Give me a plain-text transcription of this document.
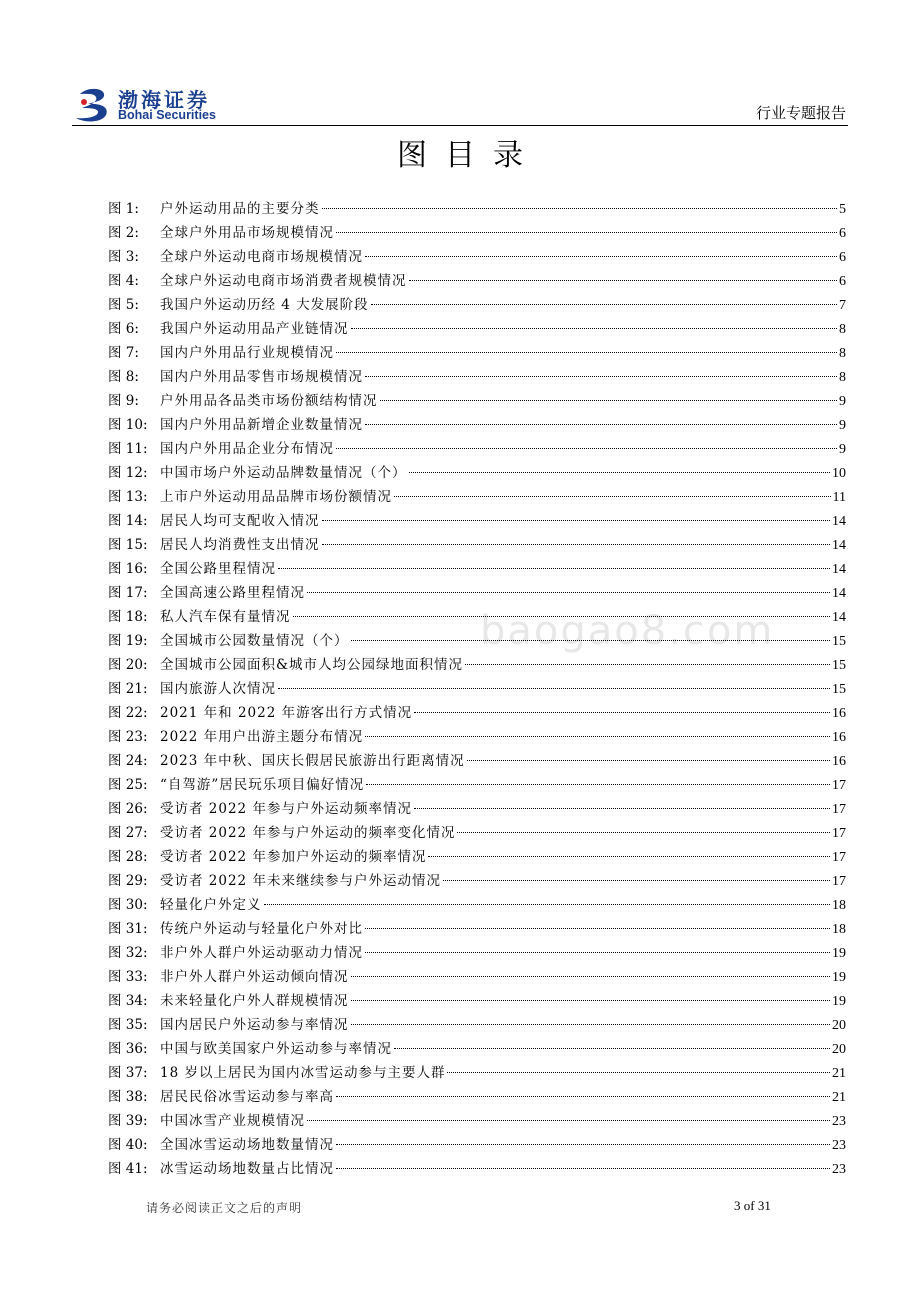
渤海证券
Bohai Securities	行业专题报告
图目录
baogao8.com
图 1:	户外运动用品的主要分类	5
图 2:	全球户外用品市场规模情况	6
图 3:	全球户外运动电商市场规模情况	6
图 4:	全球户外运动电商市场消费者规模情况	6
图 5:	我国户外运动历经 4 大发展阶段	7
图 6:	我国户外运动用品产业链情况	8
图 7:	国内户外用品行业规模情况	8
图 8:	国内户外用品零售市场规模情况	8
图 9:	户外用品各品类市场份额结构情况	9
图 10: 国内户外用品新增企业数量情况	9
图 11: 国内户外用品企业分布情况	9
图 12: 中国市场户外运动品牌数量情况（个）	10
图 13: 上市户外运动用品品牌市场份额情况	11
图 14: 居民人均可支配收入情况	14
图 15: 居民人均消费性支出情况	14
图 16: 全国公路里程情况	14
图 17: 全国高速公路里程情况	14
图 18: 私人汽车保有量情况	14
图 19: 全国城市公园数量情况（个）	15
图 20: 全国城市公园面积&城市人均公园绿地面积情况	15
图 21: 国内旅游人次情况	15
图 22: 2021 年和 2022 年游客出行方式情况	16
图 23: 2022 年用户出游主题分布情况	16
图 24: 2023 年中秋、国庆长假居民旅游出行距离情况	16
图 25: “自驾游”居民玩乐项目偏好情况	17
图 26: 受访者 2022 年参与户外运动频率情况	17
图 27: 受访者 2022 年参与户外运动的频率变化情况	17
图 28: 受访者 2022 年参加户外运动的频率情况	17
图 29: 受访者 2022 年未来继续参与户外运动情况	17
图 30: 轻量化户外定义	18
图 31: 传统户外运动与轻量化户外对比	18
图 32: 非户外人群户外运动驱动力情况	19
图 33: 非户外人群户外运动倾向情况	19
图 34: 未来轻量化户外人群规模情况	19
图 35: 国内居民户外运动参与率情况	20
图 36: 中国与欧美国家户外运动参与率情况	20
图 37: 18 岁以上居民为国内冰雪运动参与主要人群	21
图 38: 居民民俗冰雪运动参与率高	21
图 39: 中国冰雪产业规模情况	23
图 40: 全国冰雪运动场地数量情况	23
图 41: 冰雪运动场地数量占比情况	23
请务必阅读正文之后的声明	3 of 31
